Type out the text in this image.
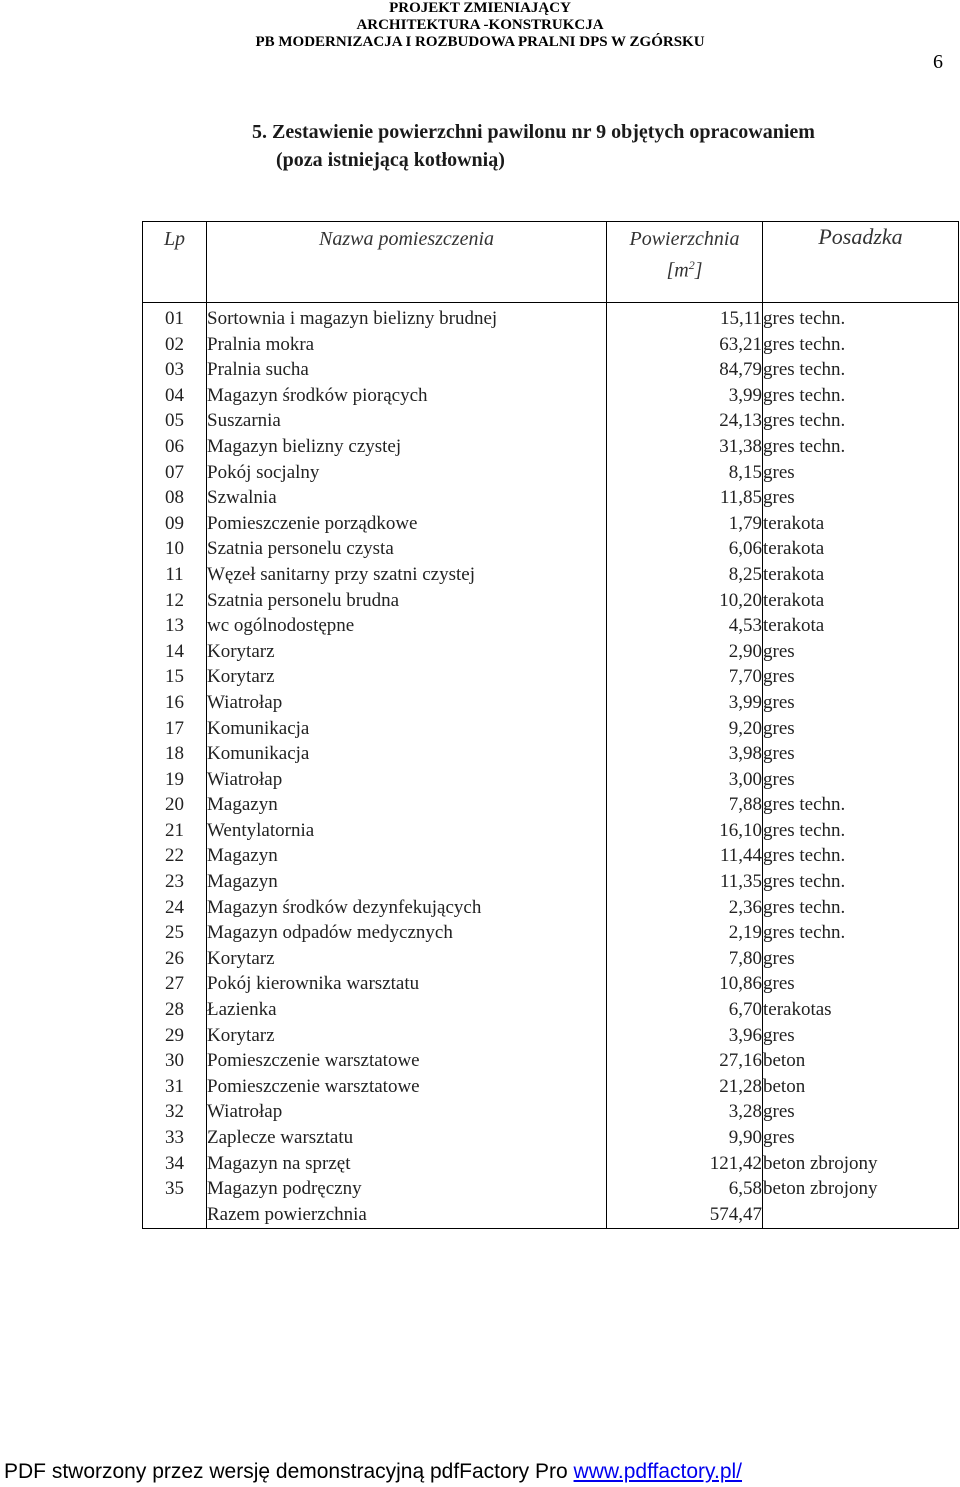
PROJEKT ZMIENIAJĄCY
ARCHITEKTURA -KONSTRUKCJA
PB MODERNIZACJA I ROZBUDOWA PRALNI DPS W ZGÓRSKU
6
5. Zestawienie powierzchni pawilonu nr 9 objętych opracowaniem
(poza istniejącą kotłownią)
Lp	Nazwa pomieszczenia	Powierzchnia
$[m^2]$	Posadzka
01	Sortownia i magazyn bielizny brudnej	15,11	gres techn.
02	Pralnia mokra	63,21	gres techn.
03	Pralnia sucha	84,79	gres techn.
04	Magazyn środków piorących	3,99	gres techn.
05	Suszarnia	24,13	gres techn.
06	Magazyn bielizny czystej	31,38	gres techn.
07	Pokój socjalny	8,15	gres
08	Szwalnia	11,85	gres
09	Pomieszczenie porządkowe	1,79	terakota
10	Szatnia personelu czysta	6,06	terakota
11	Węzeł sanitarny przy szatni czystej	8,25	terakota
12	Szatnia personelu brudna	10,20	terakota
13	wc ogólnodostępne	4,53	terakota
14	Korytarz	2,90	gres
15	Korytarz	7,70	gres
16	Wiatrołap	3,99	gres
17	Komunikacja	9,20	gres
18	Komunikacja	3,98	gres
19	Wiatrołap	3,00	gres
20	Magazyn	7,88	gres techn.
21	Wentylatornia	16,10	gres techn.
22	Magazyn	11,44	gres techn.
23	Magazyn	11,35	gres techn.
24	Magazyn środków dezynfekujących	2,36	gres techn.
25	Magazyn odpadów medycznych	2,19	gres techn.
26	Korytarz	7,80	gres
27	Pokój kierownika warsztatu	10,86	gres
28	Łazienka	6,70	terakotas
29	Korytarz	3,96	gres
30	Pomieszczenie warsztatowe	27,16	beton
31	Pomieszczenie warsztatowe	21,28	beton
32	Wiatrołap	3,28	gres
33	Zaplecze warsztatu	9,90	gres
34	Magazyn na sprzęt	121,42	beton zbrojony
35	Magazyn podręczny	6,58	beton zbrojony
	Razem powierzchnia	574,47	
PDF stworzony przez wersję demonstracyjną pdfFactory Pro www.pdffactory.pl/
